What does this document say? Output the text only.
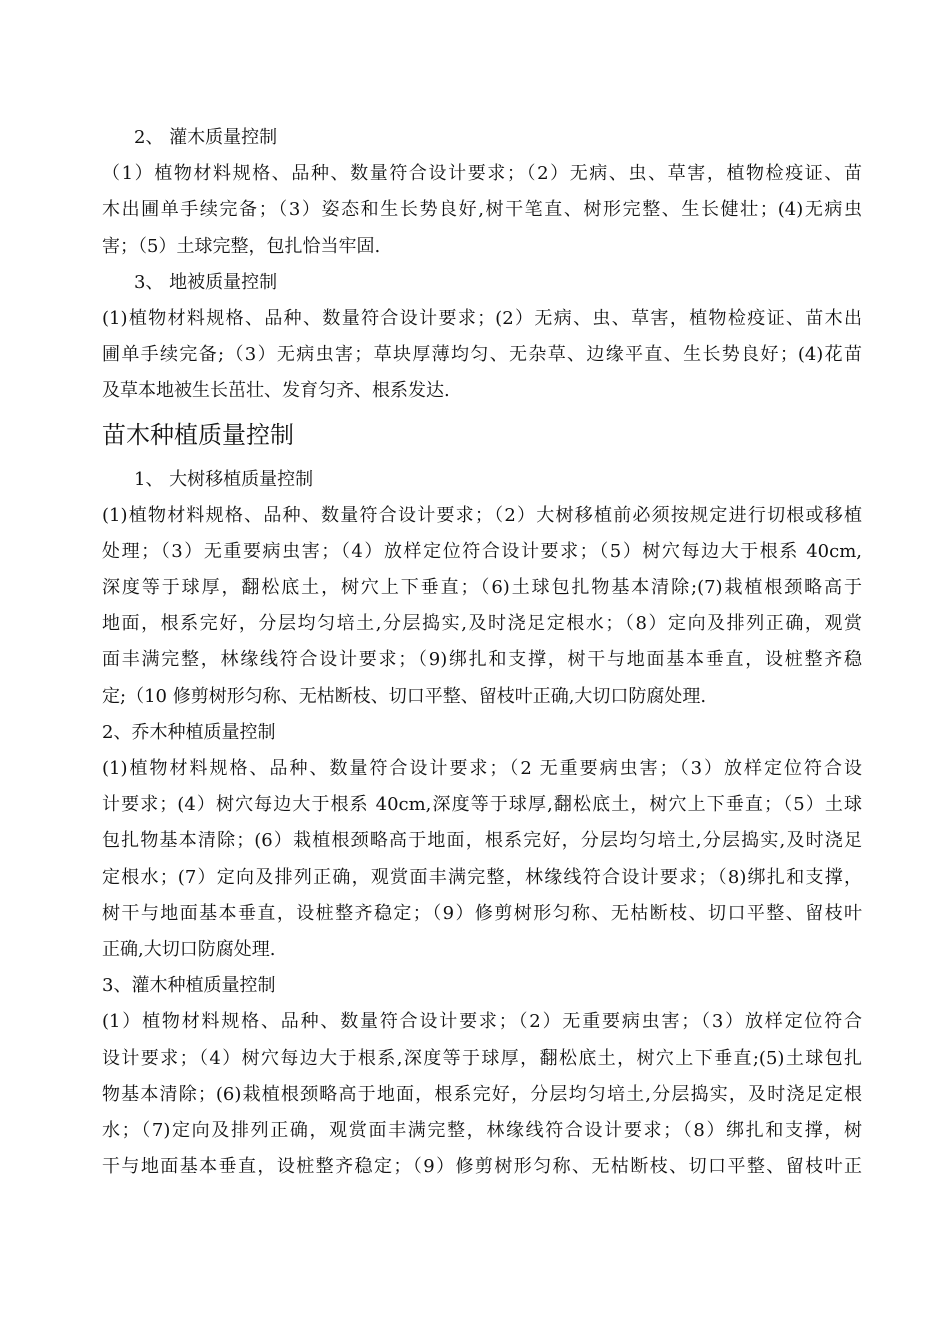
2、 灌木质量控制
（1）植物材料规格、品种、数量符合设计要求；（2）无病、虫、草害，植物检疫证、苗
木出圃单手续完备；（3）姿态和生长势良好,树干笔直、树形完整、生长健壮；(4)无病虫
害；（5）土球完整，包扎恰当牢固.
3、 地被质量控制
(1)植物材料规格、品种、数量符合设计要求；(2）无病、虫、草害，植物检疫证、苗木出
圃单手续完备;（3）无病虫害；草块厚薄均匀、无杂草、边缘平直、生长势良好；(4)花苗
及草本地被生长茁壮、发育匀齐、根系发达.
苗木种植质量控制
1、 大树移植质量控制
(1)植物材料规格、品种、数量符合设计要求；（2）大树移植前必须按规定进行切根或移植
处理；（3）无重要病虫害；（4）放样定位符合设计要求；（5）树穴每边大于根系 40cm,
深度等于球厚，翻松底土，树穴上下垂直；（6)土球包扎物基本清除;(7)栽植根颈略高于
地面，根系完好，分层均匀培土,分层捣实,及时浇足定根水；（8）定向及排列正确，观赏
面丰满完整，林缘线符合设计要求；（9)绑扎和支撑，树干与地面基本垂直，设桩整齐稳
定;（10 修剪树形匀称、无枯断枝、切口平整、留枝叶正确,大切口防腐处理.
2、乔木种植质量控制
(1)植物材料规格、品种、数量符合设计要求；（2 无重要病虫害；（3）放样定位符合设
计要求；(4）树穴每边大于根系 40cm,深度等于球厚,翻松底土，树穴上下垂直；（5）土球
包扎物基本清除；(6）栽植根颈略高于地面，根系完好，分层均匀培土,分层捣实,及时浇足
定根水；(7）定向及排列正确，观赏面丰满完整，林缘线符合设计要求；（8)绑扎和支撑，
树干与地面基本垂直，设桩整齐稳定；（9）修剪树形匀称、无枯断枝、切口平整、留枝叶
正确,大切口防腐处理.
3、灌木种植质量控制
(1）植物材料规格、品种、数量符合设计要求；（2）无重要病虫害；（3）放样定位符合
设计要求；（4）树穴每边大于根系,深度等于球厚，翻松底土，树穴上下垂直;(5)土球包扎
物基本清除；(6)栽植根颈略高于地面，根系完好，分层均匀培土,分层捣实，及时浇足定根
水；（7)定向及排列正确，观赏面丰满完整，林缘线符合设计要求；（8）绑扎和支撑，树
干与地面基本垂直，设桩整齐稳定；（9）修剪树形匀称、无枯断枝、切口平整、留枝叶正
